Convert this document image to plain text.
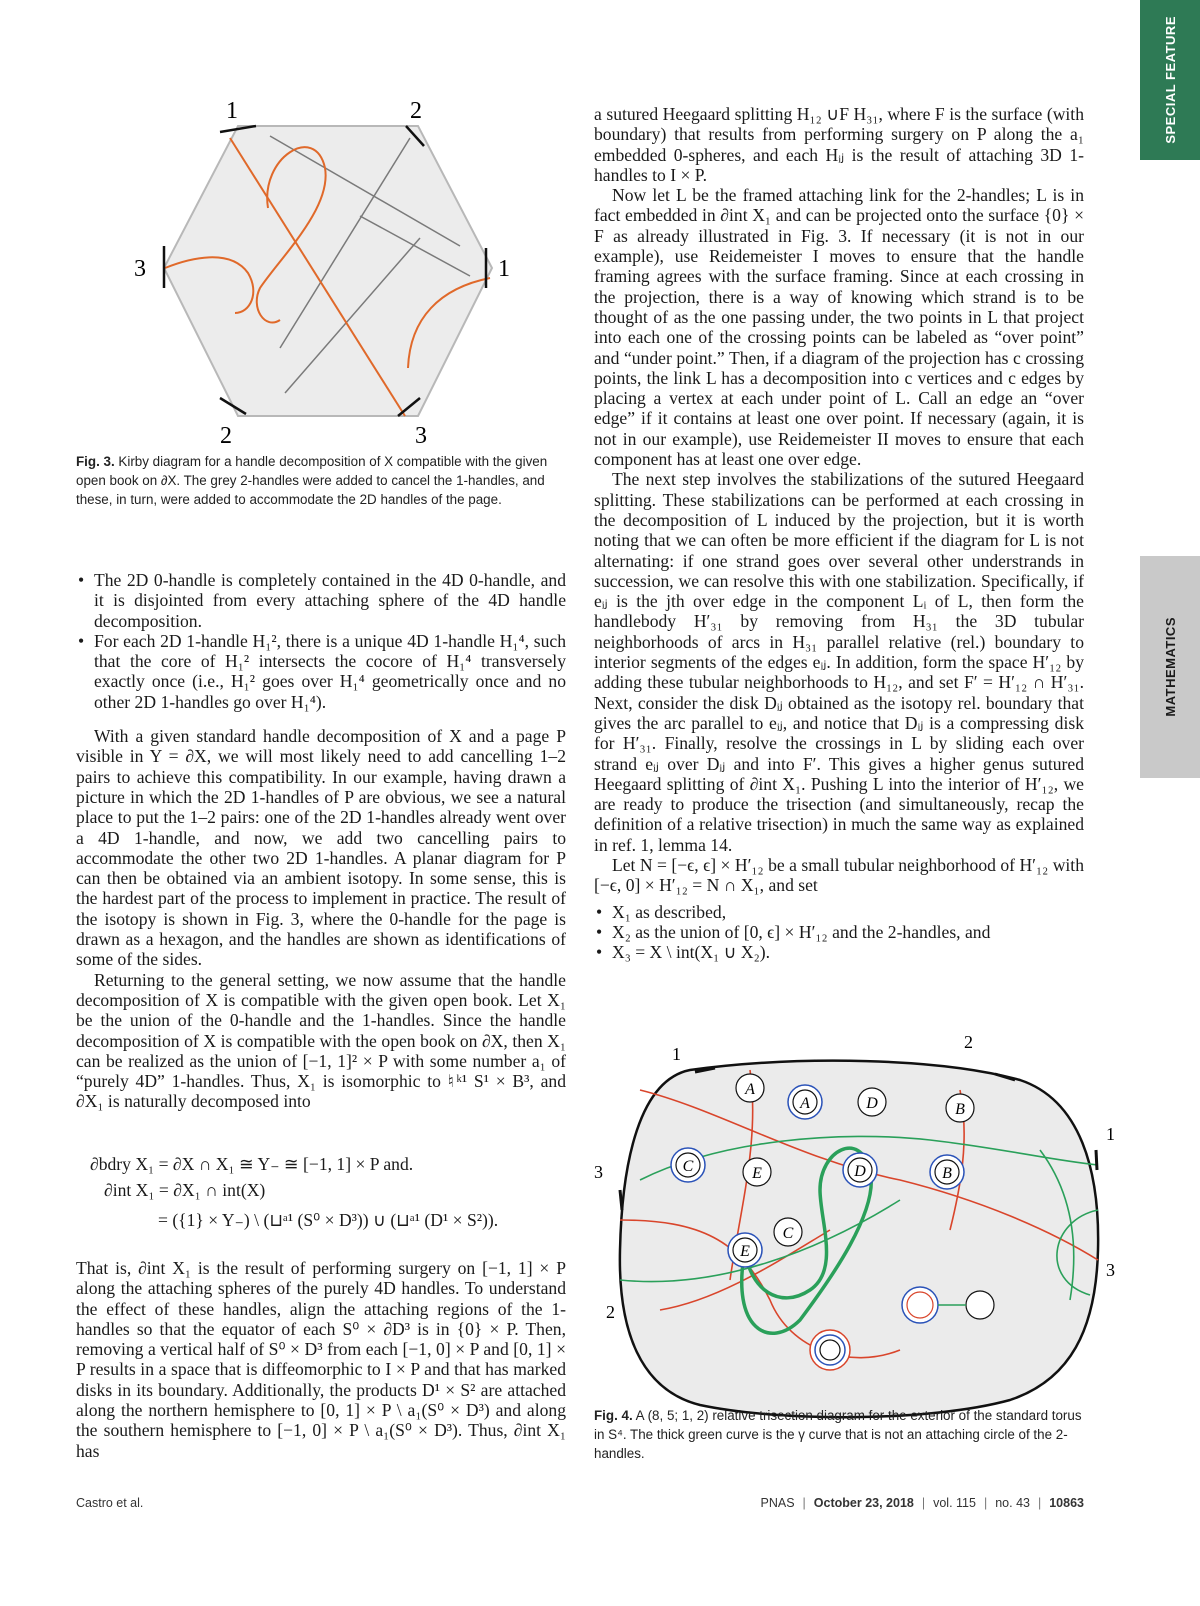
SPECIAL FEATURE
MATHEMATICS
1	2
3	1
2	3
Fig. 3. Kirby diagram for a handle decomposition of X compatible with the given open book on ∂X. The grey 2-handles were added to cancel the 1-handles, and these, in turn, were added to accommodate the 2D handles of the page.
• The 2D 0-handle is completely contained in the 4D 0-handle, and it is disjointed from every attaching sphere of the 4D handle decomposition.
• For each 2D 1-handle H₁², there is a unique 4D 1-handle H₁⁴, such that the core of H₁² intersects the cocore of H₁⁴ transversely exactly once (i.e., H₁² goes over H₁⁴ geometrically once and no other 2D 1-handles go over H₁⁴).

With a given standard handle decomposition of X and a page P visible in Y = ∂X, we will most likely need to add cancelling 1–2 pairs to achieve this compatibility. In our example, having drawn a picture in which the 2D 1-handles of P are obvious, we see a natural place to put the 1–2 pairs: one of the 2D 1-handles already went over a 4D 1-handle, and now, we add two cancelling pairs to accommodate the other two 2D 1-handles. A planar diagram for P can then be obtained via an ambient isotopy. In some sense, this is the hardest part of the process to implement in practice. The result of the isotopy is shown in Fig. 3, where the 0-handle for the page is drawn as a hexagon, and the handles are shown as identifications of some of the sides.

Returning to the general setting, we now assume that the handle decomposition of X is compatible with the given open book. Let X₁ be the union of the 0-handle and the 1-handles. Since the handle decomposition of X is compatible with the open book on ∂X, then X₁ can be realized as the union of [−1, 1]² × P with some number a₁ of “purely 4D” 1-handles. Thus, X₁ is isomorphic to ♮ᵏ¹ S¹ × B³, and ∂X₁ is naturally decomposed into

∂bdry X₁ = ∂X ∩ X₁ ≅ Y₋ ≅ [−1, 1] × P and.
∂int X₁ = ∂X₁ ∩ int(X)
= ({1} × Y₋) \ (⊔ᵃ¹ (S⁰ × D³)) ∪ (⊔ᵃ¹ (D¹ × S²)).

That is, ∂int X₁ is the result of performing surgery on [−1, 1] × P along the attaching spheres of the purely 4D handles. To understand the effect of these handles, align the attaching regions of the 1-handles so that the equator of each S⁰ × ∂D³ is in {0} × P. Then, removing a vertical half of S⁰ × D³ from each [−1, 0] × P and [0, 1] × P results in a space that is diffeomorphic to I × P and that has marked disks in its boundary. Additionally, the products D¹ × S² are attached along the northern hemisphere to [0, 1] × P \ a₁(S⁰ × D³) and along the southern hemisphere to [−1, 0] × P \ a₁(S⁰ × D³). Thus, ∂int X₁ has

a sutured Heegaard splitting H₁₂ ∪F H₃₁, where F is the surface (with boundary) that results from performing surgery on P along the a₁ embedded 0-spheres, and each Hᵢⱼ is the result of attaching 3D 1-handles to I × P.

Now let L be the framed attaching link for the 2-handles; L is in fact embedded in ∂int X₁ and can be projected onto the surface {0} × F as already illustrated in Fig. 3. If necessary (it is not in our example), use Reidemeister I moves to ensure that the handle framing agrees with the surface framing. Since at each crossing in the projection, there is a way of knowing which strand is to be thought of as the one passing under, the two points in L that project into each one of the crossing points can be labeled as “over point” and “under point.” Then, if a diagram of the projection has c crossing points, the link L has a decomposition into c vertices and c edges by placing a vertex at each under point of L. Call an edge an “over edge” if it contains at least one over point. If necessary (again, it is not in our example), use Reidemeister II moves to ensure that each component has at least one over edge.

The next step involves the stabilizations of the sutured Heegaard splitting. These stabilizations can be performed at each crossing in the decomposition of L induced by the projection, but it is worth noting that we can often be more efficient if the diagram for L is not alternating: if one strand goes over several other understrands in succession, we can resolve this with one stabilization. Specifically, if eᵢⱼ is the jth over edge in the component Lᵢ of L, then form the handlebody H′₃₁ by removing from H₃₁ the 3D tubular neighborhoods of arcs in H₃₁ parallel relative (rel.) boundary to interior segments of the edges eᵢⱼ. In addition, form the space H′₁₂ by adding these tubular neighborhoods to H₁₂, and set F′ = H′₁₂ ∩ H′₃₁. Next, consider the disk Dᵢⱼ obtained as the isotopy rel. boundary that gives the arc parallel to eᵢⱼ, and notice that Dᵢⱼ is a compressing disk for H′₃₁. Finally, resolve the crossings in L by sliding each over strand eᵢⱼ over Dᵢⱼ and into F′. This gives a higher genus sutured Heegaard splitting of ∂int X₁. Pushing L into the interior of H′₁₂, we are ready to produce the trisection (and simultaneously, recap the definition of a relative trisection) in much the same way as explained in ref. 1, lemma 14.

Let N = [−ϵ, ϵ] × H′₁₂ be a small tubular neighborhood of H′₁₂ with [−ϵ, 0] × H′₁₂ = N ∩ X₁, and set

• X₁ as described,
• X₂ as the union of [0, ϵ] × H′₁₂ and the 2-handles, and
• X₃ = X \ int(X₁ ∪ X₂).
A
A	D	B
C	E	D	B
C
E
1
2
3
1
2
3
Fig. 4. A (8, 5; 1, 2) relative trisection diagram for the exterior of the standard torus in S⁴. The thick green curve is the γ curve that is not an attaching circle of the 2-handles.
Castro et al.	PNAS | October 23, 2018 | vol. 115 | no. 43 | 10863
